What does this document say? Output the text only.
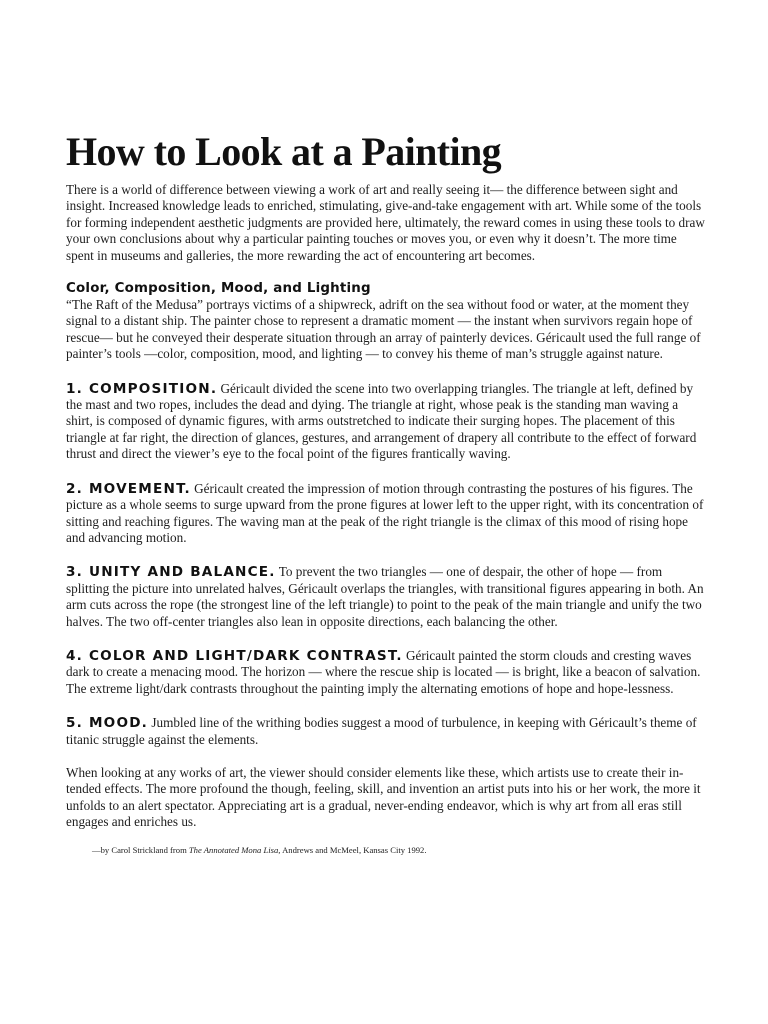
How to Look at a Painting

There is a world of difference between viewing a work of art and really seeing it— the difference between sight and insight. Increased knowledge leads to enriched, stimulating, give-and-take engagement with art. While some of the tools for forming independent aesthetic judgments are provided here, ultimately, the reward comes in using these tools to draw your own conclusions about why a particular painting touches or moves you, or even why it doesn’t. The more time spent in museums and galleries, the more rewarding the act of encountering art becomes.

Color, Composition, Mood, and Lighting

“The Raft of the Medusa” portrays victims of a shipwreck, adrift on the sea without food or water, at the moment they signal to a distant ship. The painter chose to represent a dramatic moment — the instant when survivors regain hope of rescue— but he conveyed their desperate situation through an array of painterly devices. Géricault used the full range of painter’s tools —color, composition, mood, and lighting — to convey his theme of man’s struggle against nature.

1. COMPOSITION. Géricault divided the scene into two overlapping triangles. The triangle at left, defined by the mast and two ropes, includes the dead and dying. The triangle at right, whose peak is the standing man waving a shirt, is composed of dynamic figures, with arms outstretched to indicate their surging hopes. The placement of this triangle at far right, the direction of glances, gestures, and arrangement of drapery all contribute to the effect of forward thrust and direct the viewer’s eye to the focal point of the figures frantically waving.

2. MOVEMENT. Géricault created the impression of motion through contrasting the postures of his figures. The picture as a whole seems to surge upward from the prone figures at lower left to the upper right, with its concentration of sitting and reaching figures. The waving man at the peak of the right triangle is the climax of this mood of rising hope and advancing motion.

3. UNITY AND BALANCE. To prevent the two triangles — one of despair, the other of hope — from splitting the picture into unrelated halves, Géricault overlaps the triangles, with transitional figures appearing in both. An arm cuts across the rope (the strongest line of the left triangle) to point to the peak of the main triangle and unify the two halves. The two off-center triangles also lean in opposite directions, each balancing the other.

4. COLOR AND LIGHT/DARK CONTRAST. Géricault painted the storm clouds and cresting waves dark to create a menacing mood. The horizon — where the rescue ship is located — is bright, like a beacon of salvation. The extreme light/dark contrasts throughout the painting imply the alternating emotions of hope and hope-lessness.

5. MOOD. Jumbled line of the writhing bodies suggest a mood of turbulence, in keeping with Géricault’s theme of titanic struggle against the elements.

When looking at any works of art, the viewer should consider elements like these, which artists use to create their in-tended effects. The more profound the though, feeling, skill, and invention an artist puts into his or her work, the more it unfolds to an alert spectator. Appreciating art is a gradual, never-ending endeavor, which is why art from all eras still engages and enriches us.

—by Carol Strickland from The Annotated Mona Lisa, Andrews and McMeel, Kansas City 1992.
